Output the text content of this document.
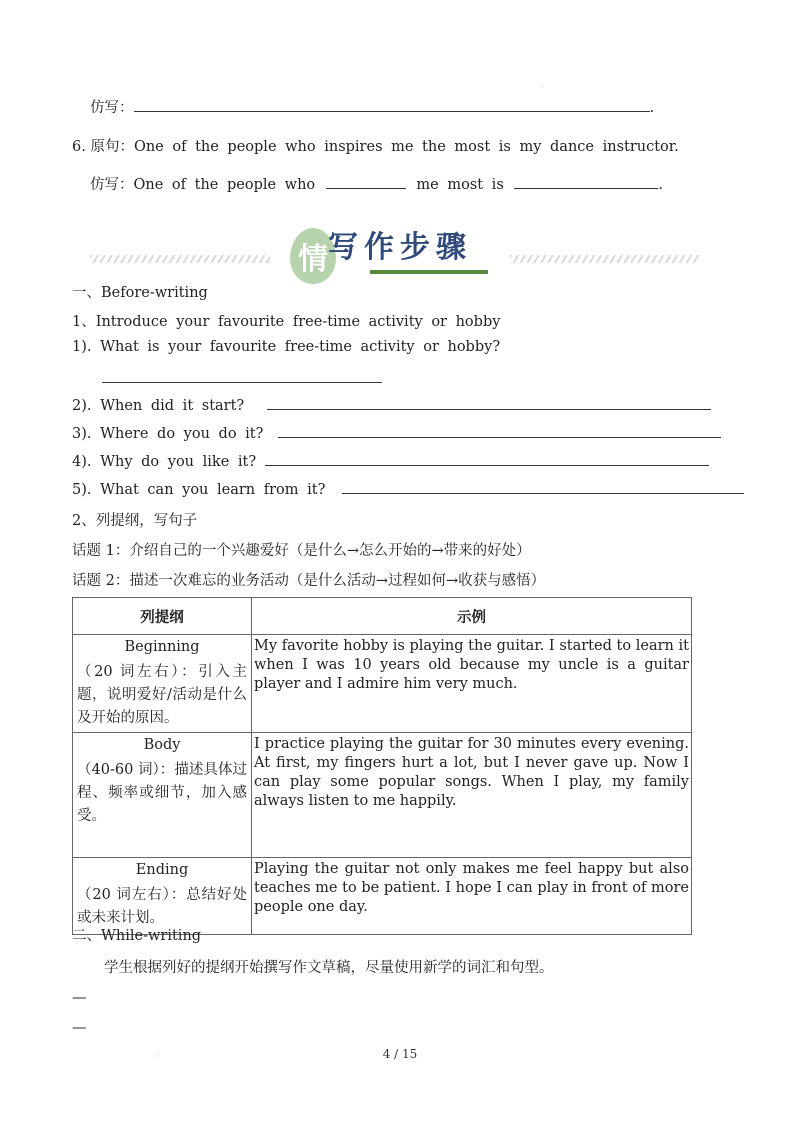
·
·
仿写：	.
6. 原句：One of the people who inspires me the most is my dance instructor.
仿写：One of the people who	me most is	.
情 写作步骤
一、Before-writing
1、Introduce your favourite free-time activity or hobby
1). What is your favourite free-time activity or hobby?
2). When did it start?
3). Where do you do it?
4). Why do you like it?
5). What can you learn from it?
2、列提纲，写句子
话题 1：介绍自己的一个兴趣爱好（是什么→怎么开始的→带来的好处）
话题 2：描述一次难忘的业务活动（是什么活动→过程如何→收获与感悟）
列提纲	示例

Beginning
（20 词左右）：引入主题，说明爱好/活动是什么及开始的原因。	My favorite hobby is playing the guitar. I started to learn it when I was 10 years old because my uncle is a guitar player and I admire him very much.

Body
（40-60 词）：描述具体过程、频率或细节，加入感受。	I practice playing the guitar for 30 minutes every evening. At first, my fingers hurt a lot, but I never gave up. Now I can play some popular songs. When I play, my family always listen to me happily.

Ending
（20 词左右）：总结好处或未来计划。	Playing the guitar not only makes me feel happy but also teaches me to be patient. I hope I can play in front of more people one day.
二、While-writing
学生根据列好的提纲开始撰写作文草稿，尽量使用新学的词汇和句型。
—
—
4 / 15
